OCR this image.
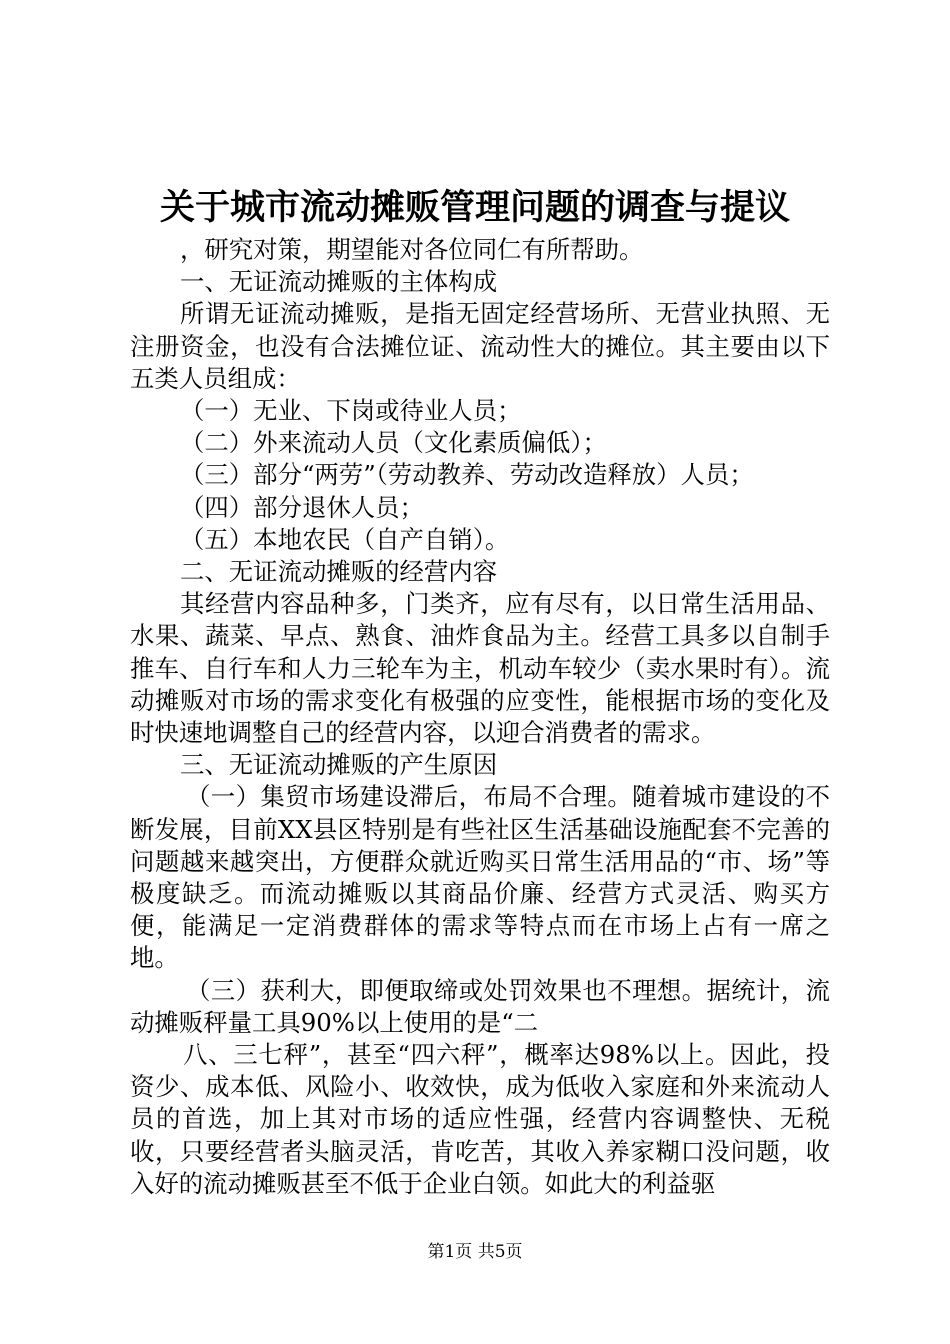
关于城市流动摊贩管理问题的调查与提议

，研究对策，期望能对各位同仁有所帮助。

一、无证流动摊贩的主体构成

所谓无证流动摊贩，是指无固定经营场所、无营业执照、无注册资金，也没有合法摊位证、流动性大的摊位。其主要由以下五类人员组成：

（一）无业、下岗或待业人员；

（二）外来流动人员（文化素质偏低）；

（三）部分“两劳”（劳动教养、劳动改造释放）人员；

（四）部分退休人员；

（五）本地农民（自产自销）。

二、无证流动摊贩的经营内容

其经营内容品种多，门类齐，应有尽有，以日常生活用品、水果、蔬菜、早点、熟食、油炸食品为主。经营工具多以自制手推车、自行车和人力三轮车为主，机动车较少（卖水果时有）。流动摊贩对市场的需求变化有极强的应变性，能根据市场的变化及时快速地调整自己的经营内容，以迎合消费者的需求。

三、无证流动摊贩的产生原因

（一）集贸市场建设滞后，布局不合理。随着城市建设的不断发展，目前XX县区特别是有些社区生活基础设施配套不完善的问题越来越突出，方便群众就近购买日常生活用品的“市、场”等极度缺乏。而流动摊贩以其商品价廉、经营方式灵活、购买方便，能满足一定消费群体的需求等特点而在市场上占有一席之地。

（三）获利大，即便取缔或处罚效果也不理想。据统计，流动摊贩秤量工具90%以上使用的是“二

八、三七秤”，甚至“四六秤”，概率达98%以上。因此，投资少、成本低、风险小、收效快，成为低收入家庭和外来流动人员的首选，加上其对市场的适应性强，经营内容调整快、无税收，只要经营者头脑灵活，肯吃苦，其收入养家糊口没问题，收入好的流动摊贩甚至不低于企业白领。如此大的利益驱

第1页 共5页
